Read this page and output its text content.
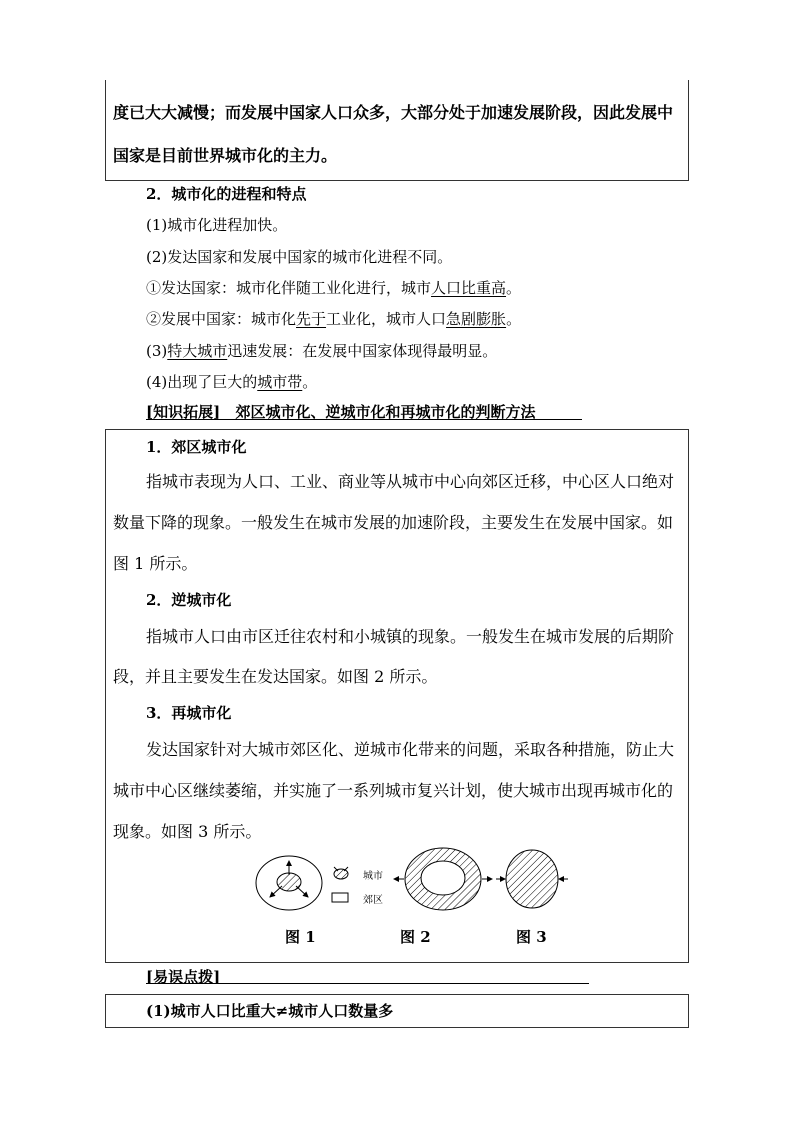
度已大大减慢；而发展中国家人口众多，大部分处于加速发展阶段，因此发展中
国家是目前世界城市化的主力。
2．城市化的进程和特点
(1)城市化进程加快。
(2)发达国家和发展中国家的城市化进程不同。
①发达国家：城市化伴随工业化进行，城市人口比重高。
②发展中国家：城市化先于工业化，城市人口急剧膨胀。
(3)特大城市迅速发展：在发展中国家体现得最明显。
(4)出现了巨大的城市带。
[知识拓展] 郊区城市化、逆城市化和再城市化的判断方法
1．郊区城市化
指城市表现为人口、工业、商业等从城市中心向郊区迁移，中心区人口绝对
数量下降的现象。一般发生在城市发展的加速阶段，主要发生在发展中国家。如
图 1 所示。
2．逆城市化
指城市人口由市区迁往农村和小城镇的现象。一般发生在城市发展的后期阶
段，并且主要发生在发达国家。如图 2 所示。
3．再城市化
发达国家针对大城市郊区化、逆城市化带来的问题，采取各种措施，防止大
城市中心区继续萎缩，并实施了一系列城市复兴计划，使大城市出现再城市化的
现象。如图 3 所示。
城市
郊区
图 1	图 2	图 3
[易误点拨]
(1)城市人口比重大≠城市人口数量多
